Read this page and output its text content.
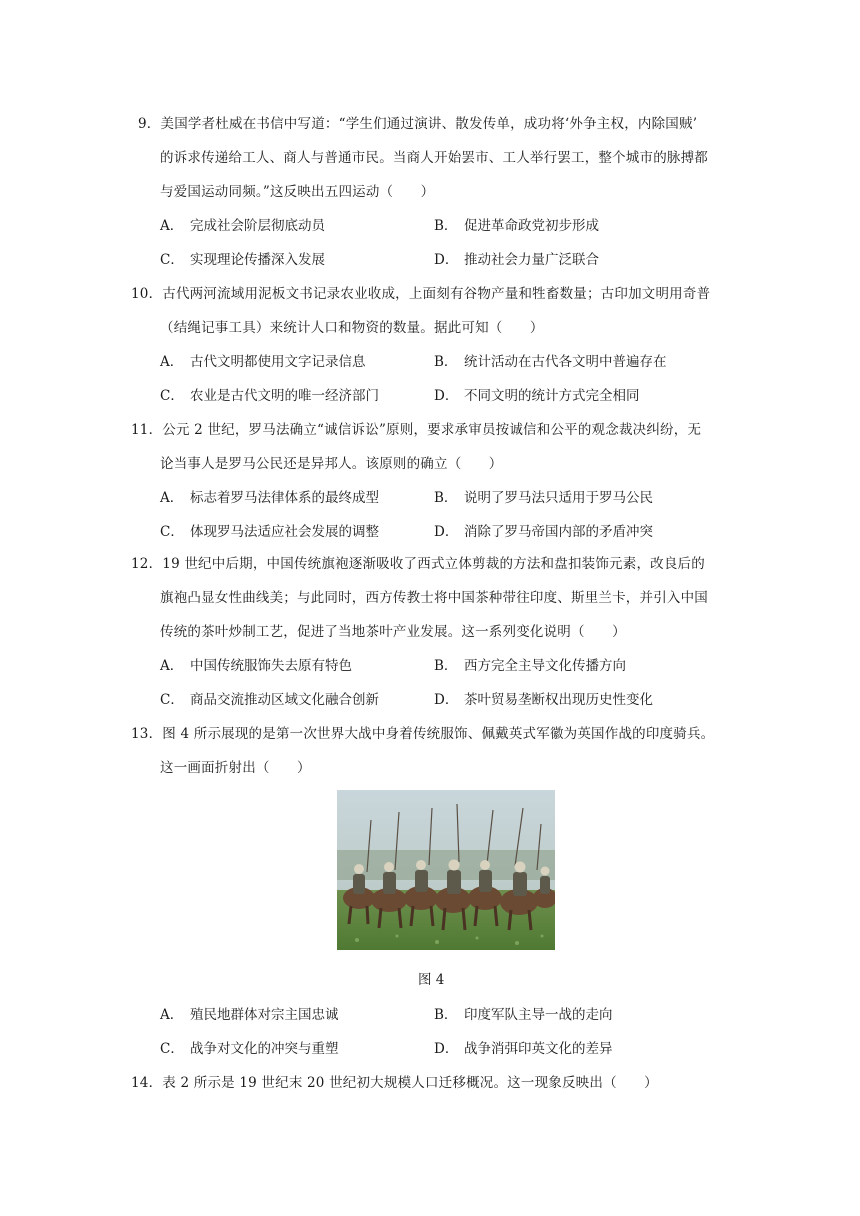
9．美国学者杜威在书信中写道：“学生们通过演讲、散发传单，成功将‘外争主权，内除国贼’
的诉求传递给工人、商人与普通市民。当商人开始罢市、工人举行罢工，整个城市的脉搏都
与爱国运动同频。”这反映出五四运动（　　）
A． 完成社会阶层彻底动员	B． 促进革命政党初步形成
C． 实现理论传播深入发展	D． 推动社会力量广泛联合
10．古代两河流域用泥板文书记录农业收成，上面刻有谷物产量和牲畜数量；古印加文明用奇普
（结绳记事工具）来统计人口和物资的数量。据此可知（　　）
A． 古代文明都使用文字记录信息	B． 统计活动在古代各文明中普遍存在
C． 农业是古代文明的唯一经济部门	D． 不同文明的统计方式完全相同
11．公元 2 世纪，罗马法确立“诚信诉讼”原则，要求承审员按诚信和公平的观念裁决纠纷，无
论当事人是罗马公民还是异邦人。该原则的确立（　　）
A． 标志着罗马法律体系的最终成型	B． 说明了罗马法只适用于罗马公民
C． 体现罗马法适应社会发展的调整	D． 消除了罗马帝国内部的矛盾冲突
12．19 世纪中后期，中国传统旗袍逐渐吸收了西式立体剪裁的方法和盘扣装饰元素，改良后的
旗袍凸显女性曲线美；与此同时，西方传教士将中国茶种带往印度、斯里兰卡，并引入中国
传统的茶叶炒制工艺，促进了当地茶叶产业发展。这一系列变化说明（　　）
A． 中国传统服饰失去原有特色	B． 西方完全主导文化传播方向
C． 商品交流推动区域文化融合创新	D． 茶叶贸易垄断权出现历史性变化
13．图 4 所示展现的是第一次世界大战中身着传统服饰、佩戴英式军徽为英国作战的印度骑兵。
这一画面折射出（　　）
图 4
A． 殖民地群体对宗主国忠诚	B． 印度军队主导一战的走向
C． 战争对文化的冲突与重塑	D． 战争消弭印英文化的差异
14．表 2 所示是 19 世纪末 20 世纪初大规模人口迁移概况。这一现象反映出（　　）
